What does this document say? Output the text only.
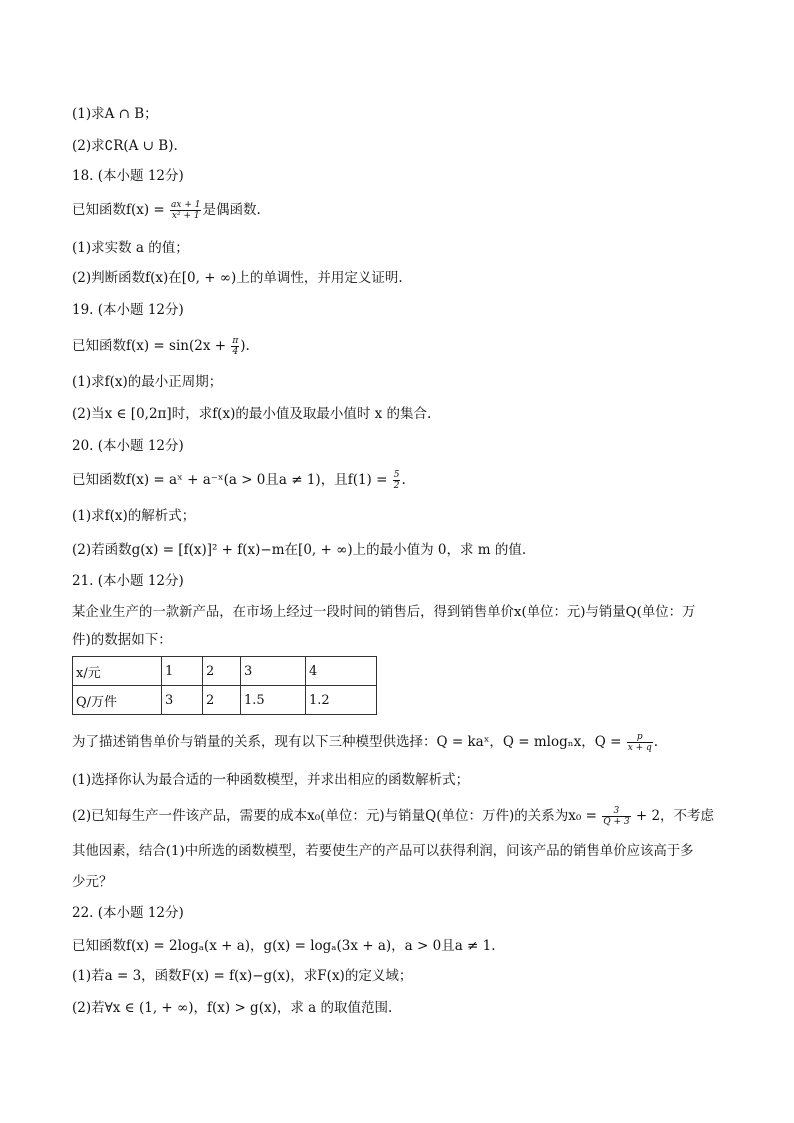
(1)求A ∩ B；
(2)求∁R(A ∪ B).
18. (本小题 12分)
已知函数$f(x) = \frac{ax + 1}{\text{x² + 1}}$ 是偶函数.
(1)求实数 a 的值；
(2)判断函数f(x)在[0, + ∞)上的单调性，并用定义证明.
19. (本小题 12分)
已知函数$f(x) = \sin(2x + \frac{\pi}{4}$ ).
(1)求f(x)的最小正周期；
(2)当x ∈ [0,2π]时，求f(x)的最小值及取最小值时 x 的集合.
20. (本小题 12分)
已知函数f(x) = aˣ + a⁻ˣ(a > 0且a ≠ 1)，且$f(1) = \frac{5}{2}$ .
(1)求f(x)的解析式；
(2)若函数g(x) = [f(x)]² + f(x)−m在[0, + ∞)上的最小值为 0，求 m 的值.
21. (本小题 12分)
某企业生产的一款新产品，在市场上经过一段时间的销售后，得到销售单价x(单位：元)与销量Q(单位：万
件)的数据如下：
x/元	1	2	3	4
Q/万件	3	2	1.5	1.2
为了描述销售单价与销量的关系，现有以下三种模型供选择：Q = kaˣ，Q = mlogₙx，$Q = \frac{p}{x + q}$ .
(1)选择你认为最合适的一种函数模型，并求出相应的函数解析式；
(2)已知每生产一件该产品，需要的成本x₀(单位：元)与销量Q(单位：万件)的关系为$x_0 = \frac{3}{Q + 3} + 2$，不考虑
其他因素，结合(1)中所选的函数模型，若要使生产的产品可以获得利润，问该产品的销售单价应该高于多
少元？
22. (本小题 12分)
已知函数f(x) = 2logₐ(x + a)，g(x) = logₐ(3x + a)，a > 0且a ≠ 1.
(1)若a = 3，函数F(x) = f(x)−g(x)，求F(x)的定义域；
(2)若∀x ∈ (1, + ∞)，f(x) > g(x)，求 a 的取值范围.
